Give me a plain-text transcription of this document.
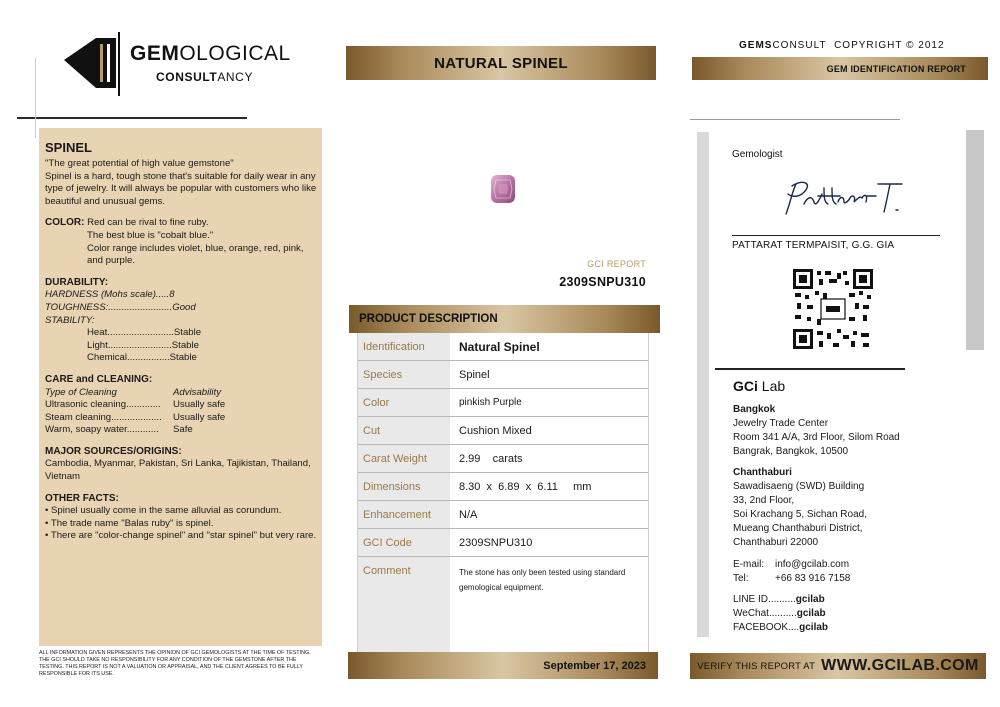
GEMOLOGICAL
CONSULTANCY
SPINEL
"The great potential of high value gemstone"
Spinel is a hard, tough stone that's suitable for daily wear in any type of jewelry. It will always be popular with customers who like beautiful and unusual gems.
COLOR: Red can be rival to fine ruby.
The best blue is "cobalt blue."
Color range includes violet, blue, orange, red, pink, and purple.
DURABILITY:
HARDNESS (Mohs scale).....8
TOUGHNESS:........................Good
STABILITY:
Heat.........................Stable
Light........................Stable
Chemical................Stable
CARE and CLEANING:
Type of Cleaning	Advisability
Ultrasonic cleaning.............	Usually safe
Steam cleaning...................	Usually safe
Warm, soapy water............	Safe
MAJOR SOURCES/ORIGINS:
Cambodia, Myanmar, Pakistan, Sri Lanka, Tajikistan, Thailand, Vietnam
OTHER FACTS:
• Spinel usually come in the same alluvial as corundum.
• The trade name "Balas ruby" is spinel.
• There are "color-change spinel" and "star spinel" but very rare.
ALL INFORMATION GIVEN REPRESENTS THE OPINION OF GCI GEMOLOGISTS AT THE TIME OF TESTING. THE GCI SHOULD TAKE NO RESPONSIBILITY FOR ANY CONDITION OF THE GEMSTONE AFTER THE TESTING. THIS REPORT IS NOT A VALUATION OR APPRAISAL, AND THE CLIENT AGREES TO BE FULLY RESPONSIBLE FOR ITS USE.
NATURAL SPINEL
GCI REPORT
2309SNPU310
PRODUCT DESCRIPTION
Identification	Natural Spinel
Species	Spinel
Color	pinkish Purple
Cut	Cushion Mixed
Carat Weight	2.99    carats
Dimensions	8.30  x  6.89  x  6.11     mm
Enhancement	N/A
GCI Code	2309SNPU310
Comment	The stone has only been tested using standard gemological equipment.
September 17, 2023
GEMSCONSULT COPYRIGHT © 2012
GEM IDENTIFICATION REPORT
Gemologist
PATTARAT TERMPAISIT, G.G. GIA
GCi Lab
Bangkok
Jewelry Trade Center
Room 341 A/A, 3rd Floor, Silom Road
Bangrak, Bangkok, 10500
Chanthaburi
Sawadisaeng (SWD) Building
33, 2nd Floor,
Soi Krachang 5, Sichan Road,
Mueang Chanthaburi District,
Chanthaburi 22000
E-mail:	info@gcilab.com
Tel:	+66 83 916 7158
LINE ID..........gcilab
WeChat..........gcilab
FACEBOOK....gcilab
VERIFY THIS REPORT AT WWW.GCILAB.COM
